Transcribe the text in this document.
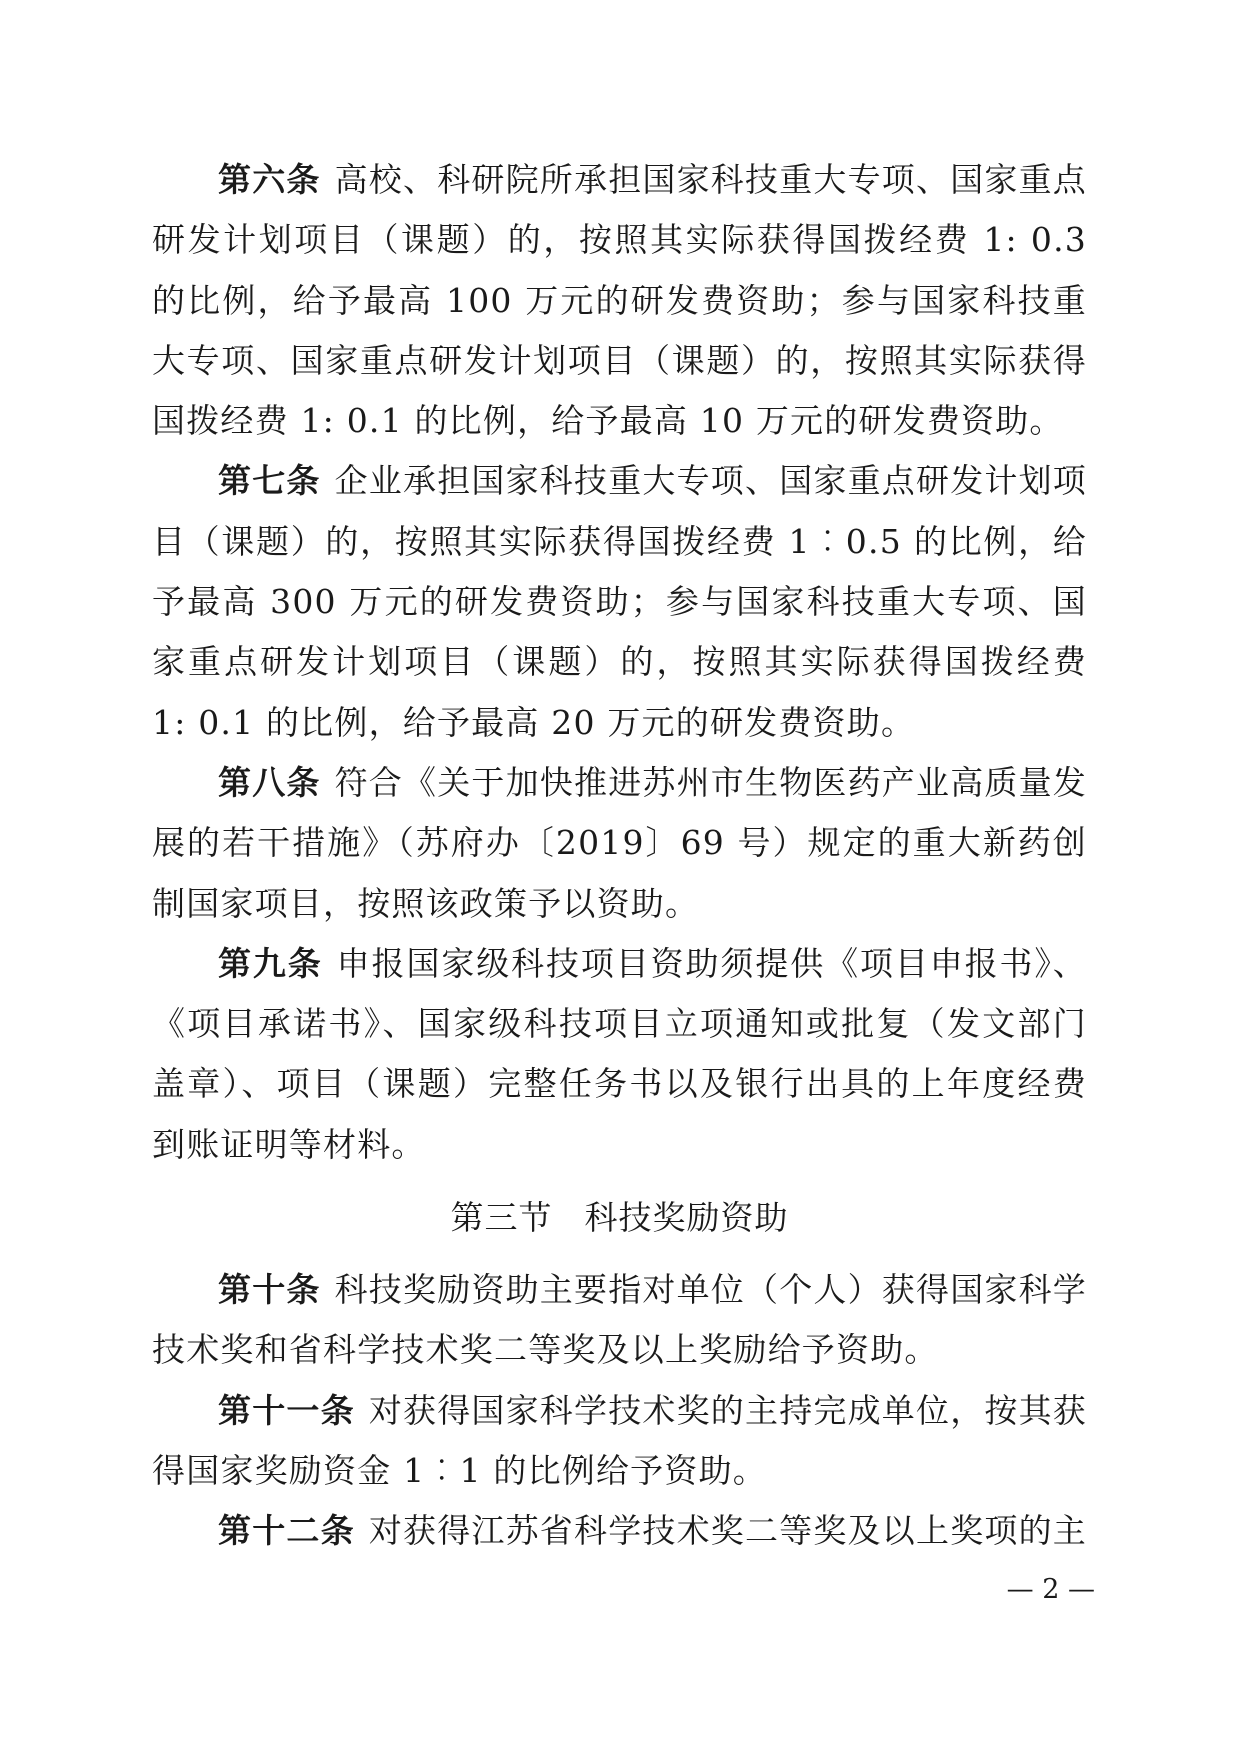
第六条 高校、科研院所承担国家科技重大专项、国家重点研发计划项目（课题）的，按照其实际获得国拨经费 1: 0.3 的比例，给予最高 100 万元的研发费资助；参与国家科技重大专项、国家重点研发计划项目（课题）的，按照其实际获得国拨经费 1: 0.1 的比例，给予最高 10 万元的研发费资助。

第七条 企业承担国家科技重大专项、国家重点研发计划项目（课题）的，按照其实际获得国拨经费 1︰0.5 的比例，给予最高 300 万元的研发费资助；参与国家科技重大专项、国家重点研发计划项目（课题）的，按照其实际获得国拨经费 1: 0.1 的比例，给予最高 20 万元的研发费资助。

第八条 符合《关于加快推进苏州市生物医药产业高质量发展的若干措施》（苏府办〔2019〕69 号）规定的重大新药创制国家项目，按照该政策予以资助。

第九条 申报国家级科技项目资助须提供《项目申报书》、《项目承诺书》、国家级科技项目立项通知或批复（发文部门盖章）、项目（课题）完整任务书以及银行出具的上年度经费到账证明等材料。

第三节 科技奖励资助

第十条 科技奖励资助主要指对单位（个人）获得国家科学技术奖和省科学技术奖二等奖及以上奖励给予资助。

第十一条 对获得国家科学技术奖的主持完成单位，按其获得国家奖励资金 1︰1 的比例给予资助。

第十二条 对获得江苏省科学技术奖二等奖及以上奖项的主

— 2 —
